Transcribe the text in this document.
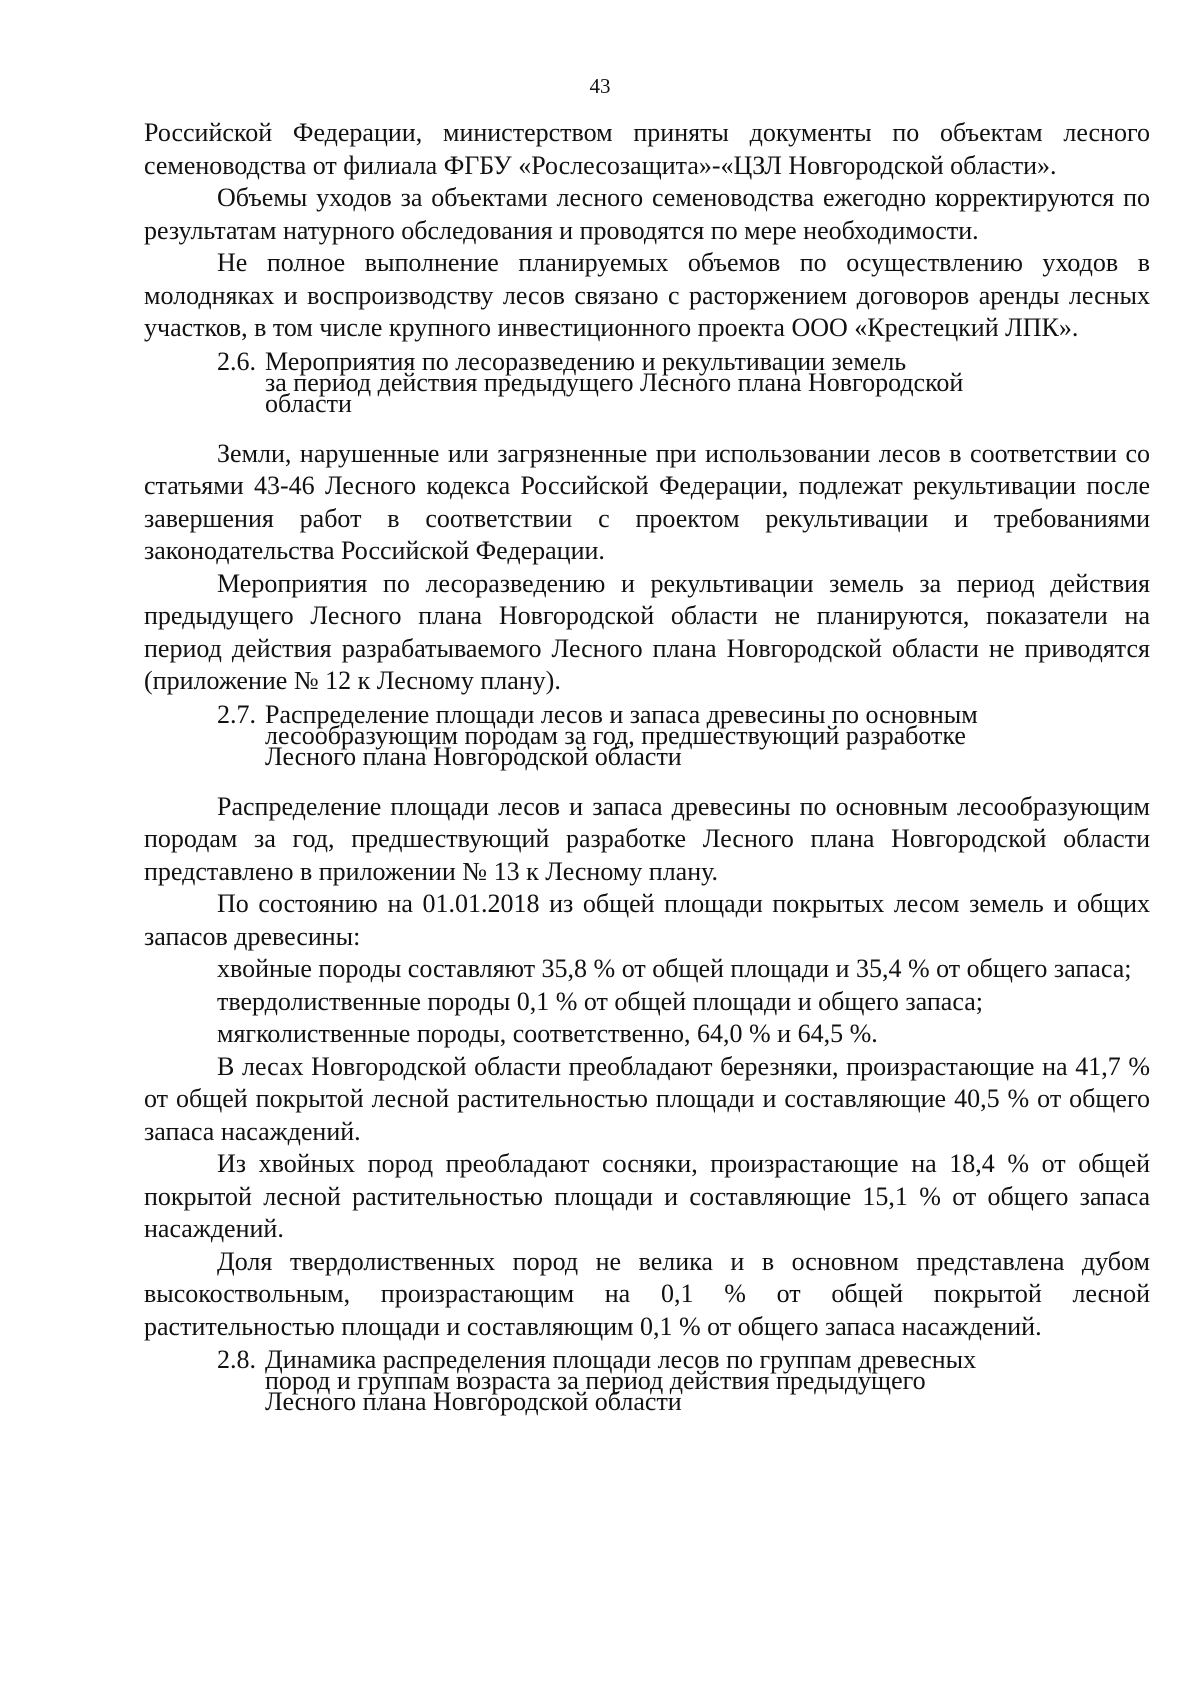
43

Российской Федерации, министерством приняты документы по объектам лесного семеноводства от филиала ФГБУ «Рослесозащита»-«ЦЗЛ Новгородской области».

Объемы уходов за объектами лесного семеноводства ежегодно корректируются по результатам натурного обследования и проводятся по мере необходимости.

Не полное выполнение планируемых объемов по осуществлению уходов в молодняках и воспроизводству лесов связано с расторжением договоров аренды лесных участков, в том числе крупного инвестиционного проекта ООО «Крестецкий ЛПК».

2.6. Мероприятия по лесоразведению и рекультивации земель
за период действия предыдущего Лесного плана Новгородской
области

Земли, нарушенные или загрязненные при использовании лесов в соответствии со статьями 43-46 Лесного кодекса Российской Федерации, подлежат рекультивации после завершения работ в соответствии с проектом рекультивации и требованиями законодательства Российской Федерации.

Мероприятия по лесоразведению и рекультивации земель за период действия предыдущего Лесного плана Новгородской области не планируются, показатели на период действия разрабатываемого Лесного плана Новгородской области не приводятся (приложение № 12 к Лесному плану).

2.7. Распределение площади лесов и запаса древесины по основным
лесообразующим породам за год, предшествующий разработке
Лесного плана Новгородской области

Распределение площади лесов и запаса древесины по основным лесообразующим породам за год, предшествующий разработке Лесного плана Новгородской области представлено в приложении № 13 к Лесному плану.

По состоянию на 01.01.2018 из общей площади покрытых лесом земель и общих запасов древесины:

хвойные породы составляют 35,8 % от общей площади и 35,4 % от общего запаса;

твердолиственные породы 0,1 % от общей площади и общего запаса;

мягколиственные породы, соответственно, 64,0 % и 64,5 %.

В лесах Новгородской области преобладают березняки, произрастающие на 41,7 % от общей покрытой лесной растительностью площади и составляющие 40,5 % от общего запаса насаждений.

Из хвойных пород преобладают сосняки, произрастающие на 18,4 % от общей покрытой лесной растительностью площади и составляющие 15,1 % от общего запаса насаждений.

Доля твердолиственных пород не велика и в основном представлена дубом высокоствольным, произрастающим на 0,1 % от общей покрытой лесной растительностью площади и составляющим 0,1 % от общего запаса насаждений.

2.8. Динамика распределения площади лесов по группам древесных
пород и группам возраста за период действия предыдущего
Лесного плана Новгородской области
